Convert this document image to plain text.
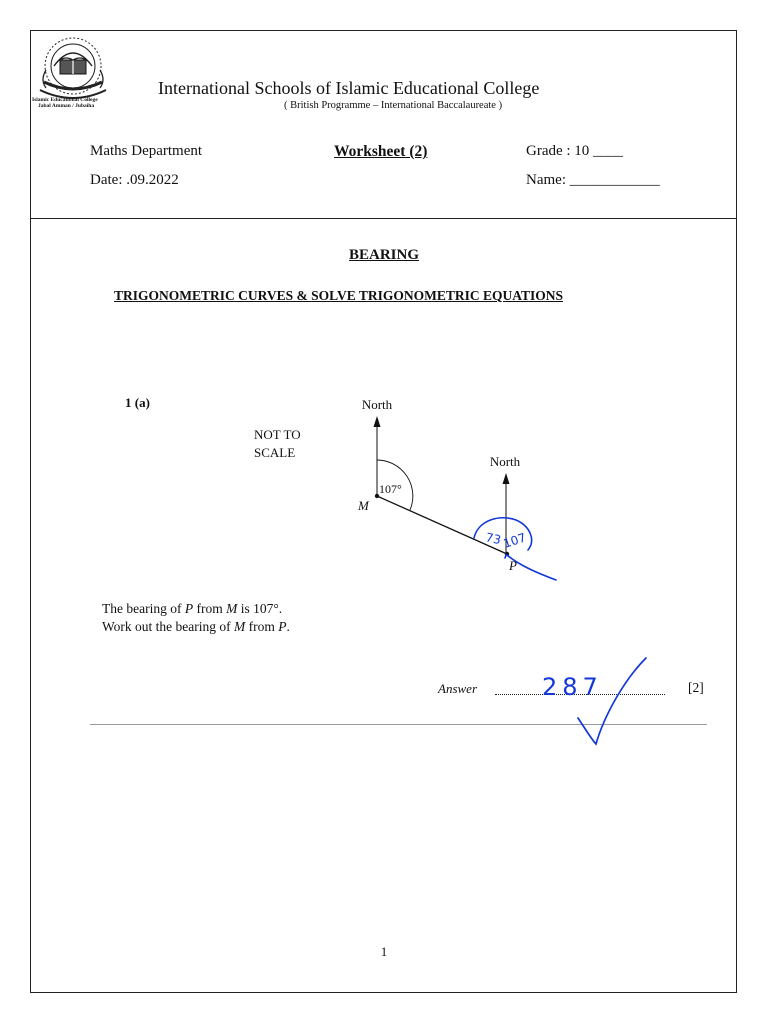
Islamic Educational College
Jabal Amman / Jubaiha
International Schools of Islamic Educational College
( British Programme – International Baccalaureate )
Maths Department	Worksheet (2)	Grade : 10 ____
Date: .09.2022	Name: ____________
BEARING
TRIGONOMETRIC CURVES & SOLVE TRIGONOMETRIC EQUATIONS
1 (a)
NOT TO
SCALE
North
North
107°
M
P
73 107
The bearing of P from M is 107°.
Work out the bearing of M from P.
Answer	[2]
287
1
